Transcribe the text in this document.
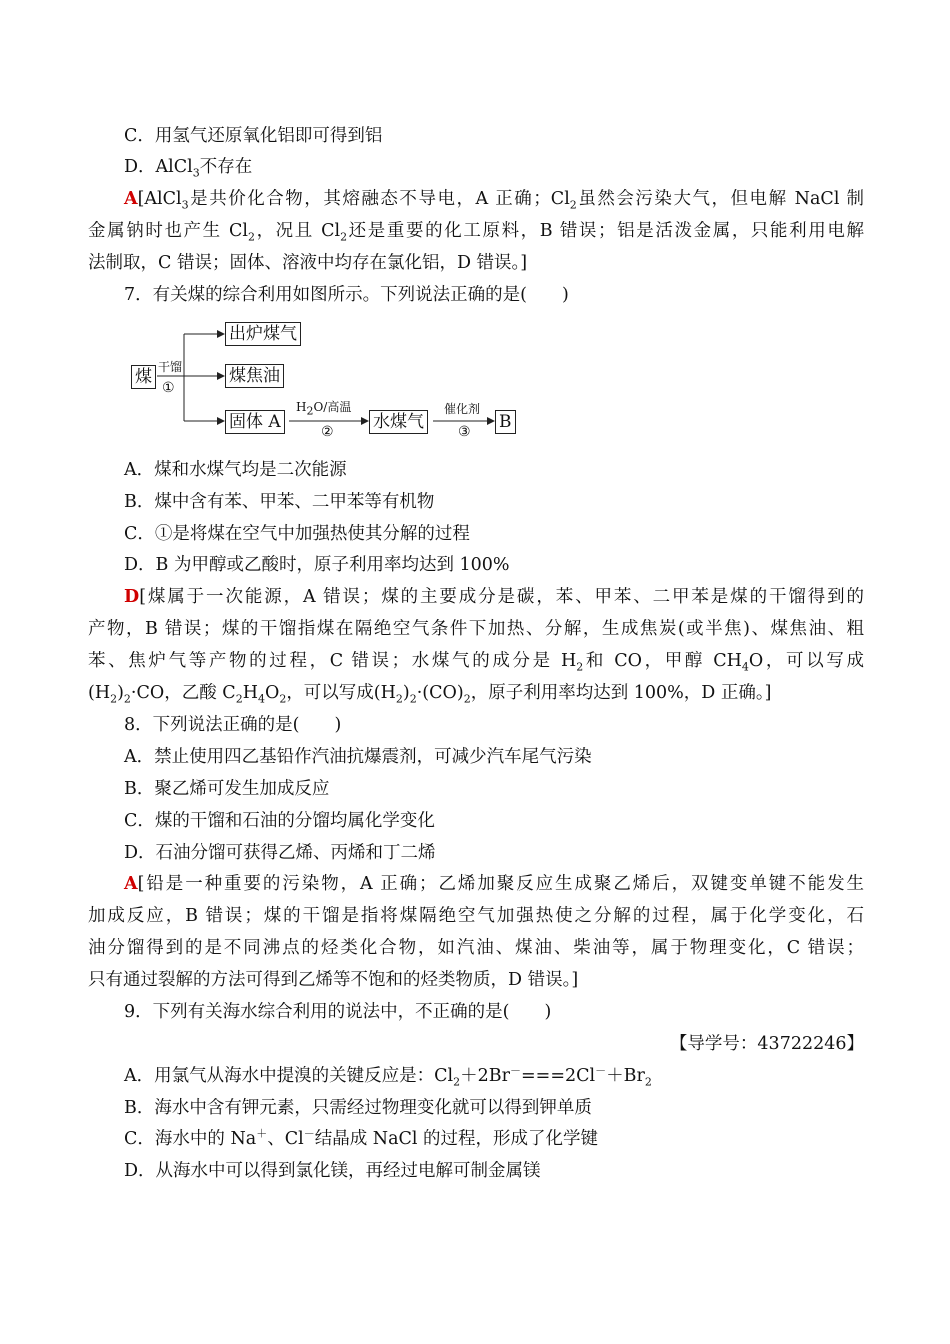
C．用氢气还原氧化铝即可得到铝
D．AlCl$_3$不存在
A[AlCl$_3$是共价化合物，其熔融态不导电，A 正确；$Cl_2$虽然会污染大气，但电解 NaCl 制
金属钠时也产生 $Cl_2$，况且 $Cl_2$还是重要的化工原料，B 错误；铝是活泼金属，只能利用电解
法制取，C 错误；固体、溶液中均存在氯化铝，D 错误。]
7．有关煤的综合利用如图所示。下列说法正确的是(　　)
煤 干馏
①
出炉煤气
煤焦油
固体 A
$H_2O/$高温
② 水煤气
催化剂
③ B
A．煤和水煤气均是二次能源
B．煤中含有苯、甲苯、二甲苯等有机物
C．①是将煤在空气中加强热使其分解的过程
D．B 为甲醇或乙酸时，原子利用率均达到 100%
D[煤属于一次能源，A 错误；煤的主要成分是碳，苯、甲苯、二甲苯是煤的干馏得到的
产物，B 错误；煤的干馏指煤在隔绝空气条件下加热、分解，生成焦炭(或半焦)、煤焦油、粗
苯、焦炉气等产物的过程，C 错误；水煤气的成分是 $H_2$和 CO，甲醇 $CH_4O$，可以写成
$(H_2)_2\cdot CO$，乙酸 $C_2H_4O_2$，可以写成$(H_2)_2\cdot(CO)_2$，原子利用率均达到 100%，D 正确。]
8．下列说法正确的是(　　)
A．禁止使用四乙基铅作汽油抗爆震剂，可减少汽车尾气污染
B．聚乙烯可发生加成反应
C．煤的干馏和石油的分馏均属化学变化
D．石油分馏可获得乙烯、丙烯和丁二烯
A[铅是一种重要的污染物，A 正确；乙烯加聚反应生成聚乙烯后，双键变单键不能发生
加成反应，B 错误；煤的干馏是指将煤隔绝空气加强热使之分解的过程，属于化学变化，石
油分馏得到的是不同沸点的烃类化合物，如汽油、煤油、柴油等，属于物理变化，C 错误；
只有通过裂解的方法可得到乙烯等不饱和的烃类物质，D 错误。]
9．下列有关海水综合利用的说法中，不正确的是(　　)
【导学号：43722246】
A．用氯气从海水中提溴的关键反应是：$Cl_2+2Br^-===2Cl^-+Br_2$
B．海水中含有钾元素，只需经过物理变化就可以得到钾单质
C．海水中的 Na＋、Cl－结晶成 NaCl 的过程，形成了化学键
D．从海水中可以得到氯化镁，再经过电解可制金属镁
